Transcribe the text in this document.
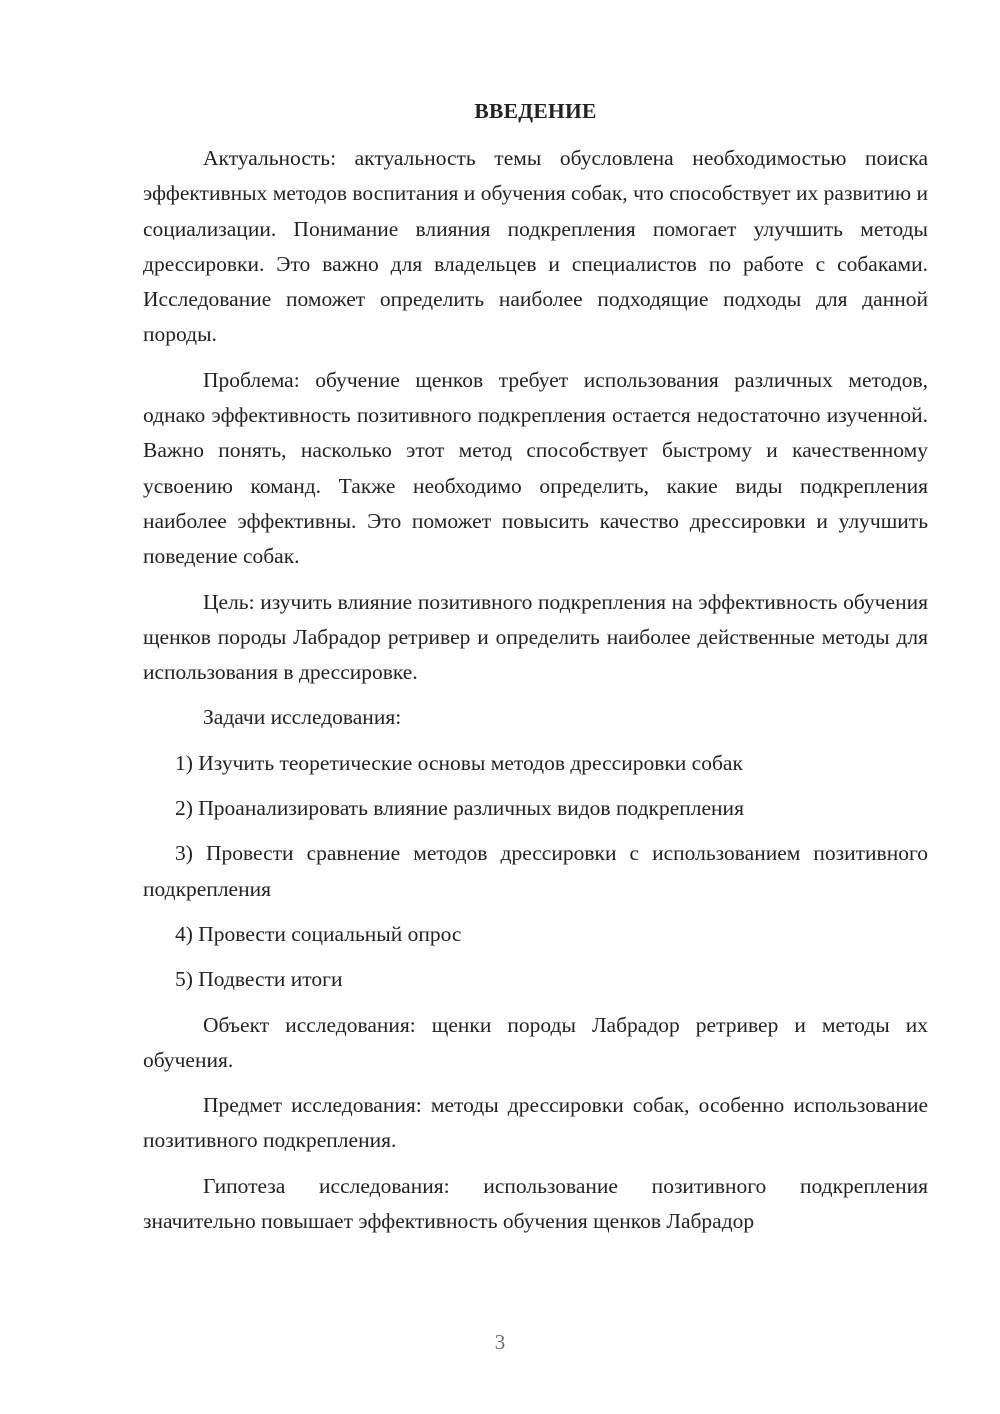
ВВЕДЕНИЕ

Актуальность: актуальность темы обусловлена необходимостью поиска эффективных методов воспитания и обучения собак, что способствует их развитию и социализации. Понимание влияния подкрепления помогает улучшить методы дрессировки. Это важно для владельцев и специалистов по работе с собаками. Исследование поможет определить наиболее подходящие подходы для данной породы.

Проблема: обучение щенков требует использования различных методов, однако эффективность позитивного подкрепления остается недостаточно изученной. Важно понять, насколько этот метод способствует быстрому и качественному усвоению команд. Также необходимо определить, какие виды подкрепления наиболее эффективны. Это поможет повысить качество дрессировки и улучшить поведение собак.

Цель: изучить влияние позитивного подкрепления на эффективность обучения щенков породы Лабрадор ретривер и определить наиболее действенные методы для использования в дрессировке.

Задачи исследования:

1) Изучить теоретические основы методов дрессировки собак

2) Проанализировать влияние различных видов подкрепления

3) Провести сравнение методов дрессировки с использованием позитивного подкрепления

4) Провести социальный опрос

5) Подвести итоги

Объект исследования: щенки породы Лабрадор ретривер и методы их обучения.

Предмет исследования: методы дрессировки собак, особенно использование позитивного подкрепления.

Гипотеза исследования: использование позитивного подкрепления значительно повышает эффективность обучения щенков Лабрадор

3
